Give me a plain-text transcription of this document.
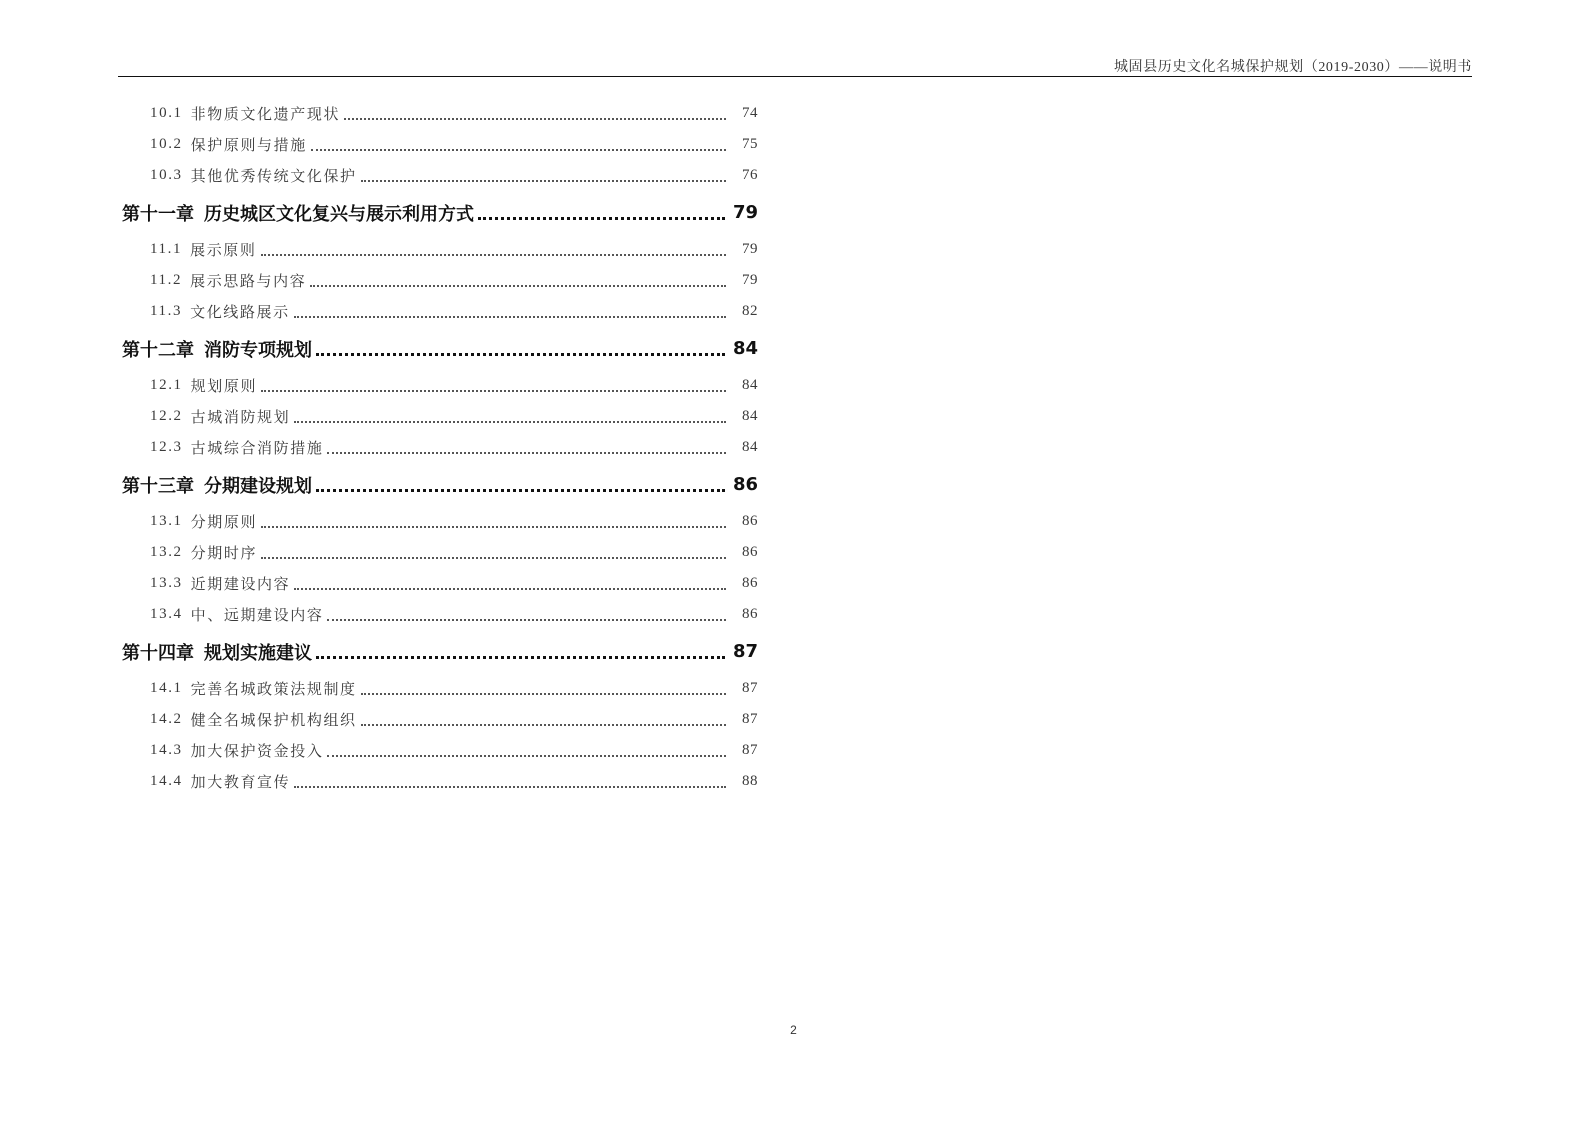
城固县历史文化名城保护规划（2019-2030）——说明书
10.1 非物质文化遗产现状	74
10.2 保护原则与措施	75
10.3 其他优秀传统文化保护	76
第十一章 历史城区文化复兴与展示利用方式	79
11.1 展示原则	79
11.2 展示思路与内容	79
11.3 文化线路展示	82
第十二章 消防专项规划	84
12.1 规划原则	84
12.2 古城消防规划	84
12.3 古城综合消防措施	84
第十三章 分期建设规划	86
13.1 分期原则	86
13.2 分期时序	86
13.3 近期建设内容	86
13.4 中、远期建设内容	86
第十四章 规划实施建议	87
14.1 完善名城政策法规制度	87
14.2 健全名城保护机构组织	87
14.3 加大保护资金投入	87
14.4 加大教育宣传	88
2
